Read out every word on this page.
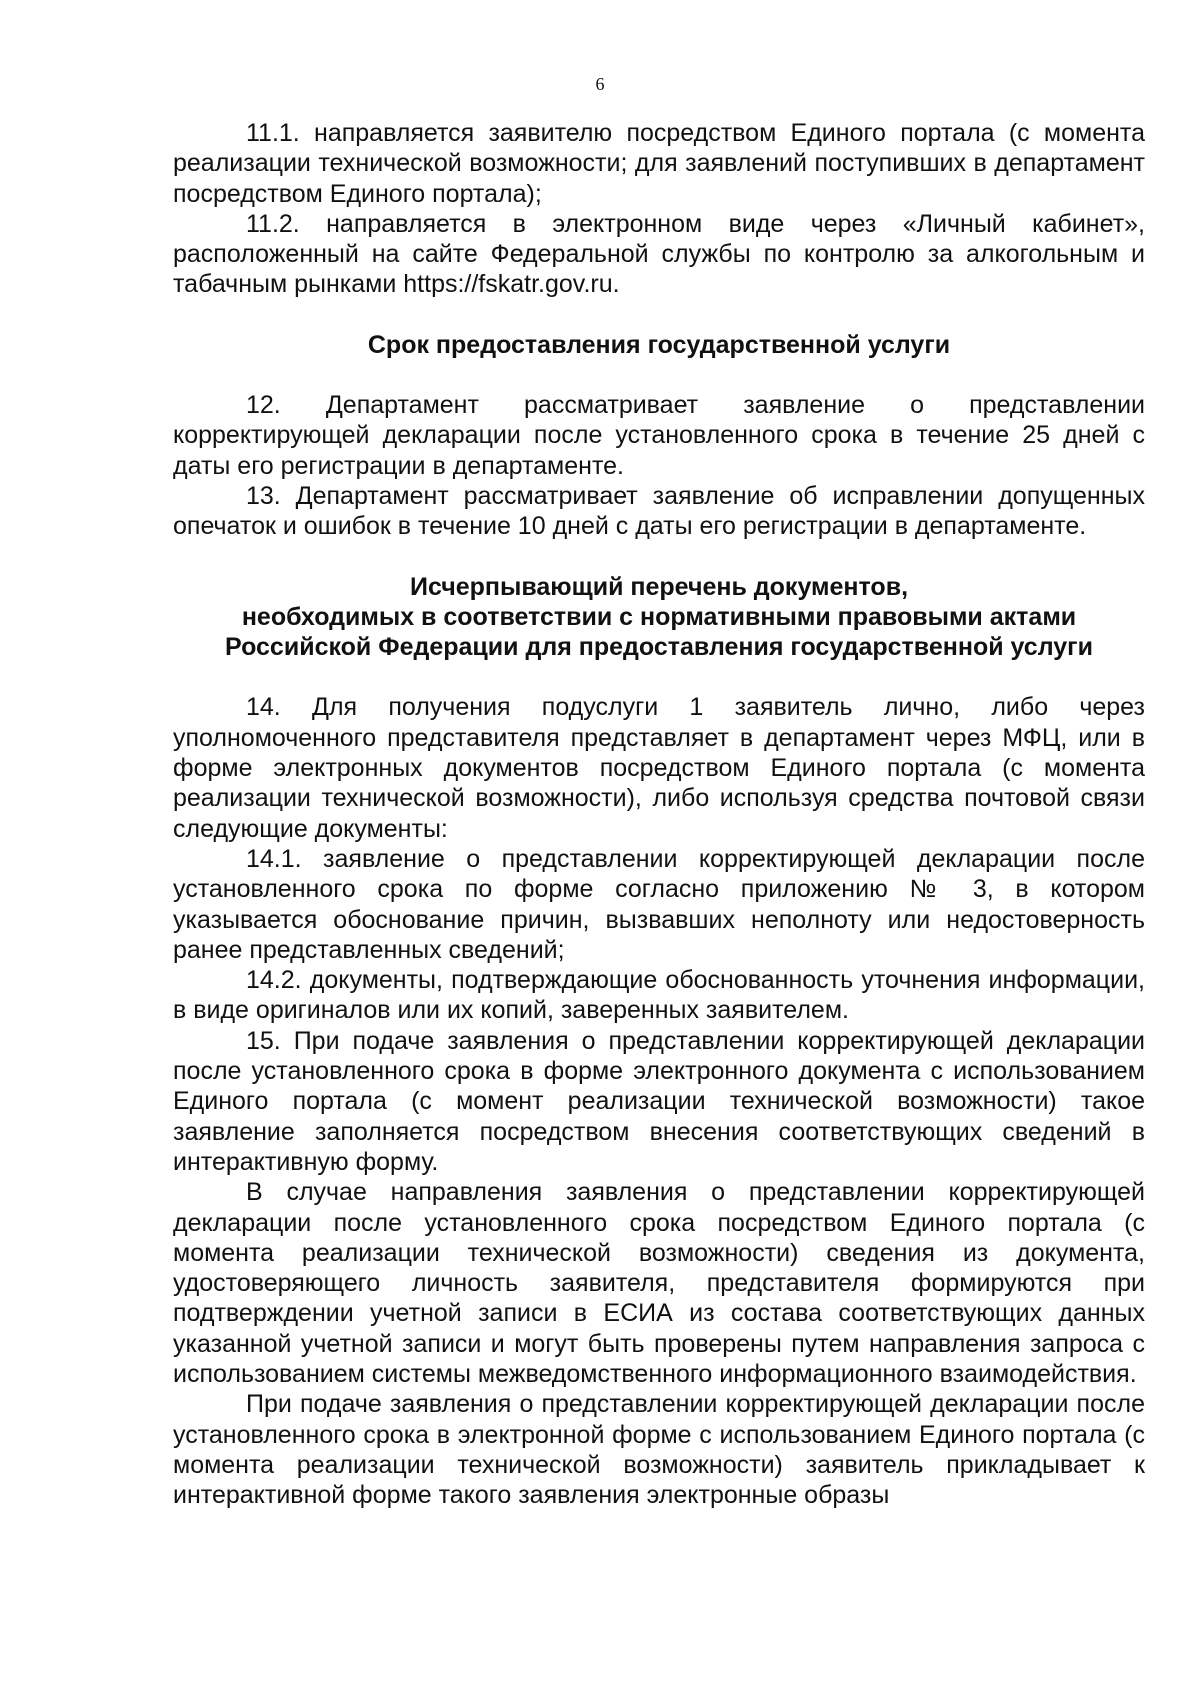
6

11.1. направляется заявителю посредством Единого портала (с момента реализации технической возможности; для заявлений поступивших в департамент посредством Единого портала);

11.2. направляется в электронном виде через «Личный кабинет», расположенный на сайте Федеральной службы по контролю за алкогольным и табачным рынками https://fskatr.gov.ru.

Срок предоставления государственной услуги

12. Департамент рассматривает заявление о представлении корректирующей декларации после установленного срока в течение 25 дней с даты его регистрации в департаменте.

13. Департамент рассматривает заявление об исправлении допущенных опечаток и ошибок в течение 10 дней с даты его регистрации в департаменте.

Исчерпывающий перечень документов,
необходимых в соответствии с нормативными правовыми актами
Российской Федерации для предоставления государственной услуги

14. Для получения подуслуги 1 заявитель лично, либо через уполномоченного представителя представляет в департамент через МФЦ, или в форме электронных документов посредством Единого портала (с момента реализации технической возможности), либо используя средства почтовой связи следующие документы:

14.1. заявление о представлении корректирующей декларации после установленного срока по форме согласно приложению № 3, в котором указывается обоснование причин, вызвавших неполноту или недостоверность ранее представленных сведений;

14.2. документы, подтверждающие обоснованность уточнения информации, в виде оригиналов или их копий, заверенных заявителем.

15. При подаче заявления о представлении корректирующей декларации после установленного срока в форме электронного документа с использованием Единого портала (с момент реализации технической возможности) такое заявление заполняется посредством внесения соответствующих сведений в интерактивную форму.

В случае направления заявления о представлении корректирующей декларации после установленного срока посредством Единого портала (с момента реализации технической возможности) сведения из документа, удостоверяющего личность заявителя, представителя формируются при подтверждении учетной записи в ЕСИА из состава соответствующих данных указанной учетной записи и могут быть проверены путем направления запроса с использованием системы межведомственного информационного взаимодействия.

При подаче заявления о представлении корректирующей декларации после установленного срока в электронной форме с использованием Единого портала (с момента реализации технической возможности) заявитель прикладывает к интерактивной форме такого заявления электронные образы
